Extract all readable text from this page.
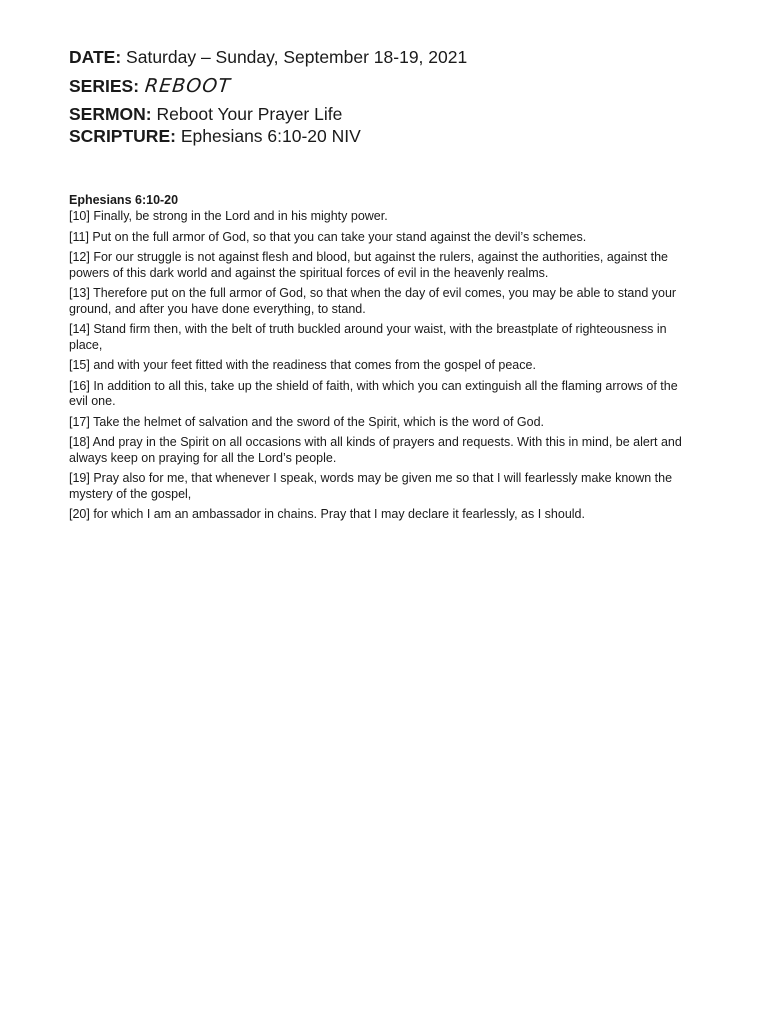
DATE: Saturday – Sunday, September 18-19, 2021
SERIES: REBOOT
SERMON: Reboot Your Prayer Life
SCRIPTURE: Ephesians 6:10-20 NIV
Ephesians 6:10-20
[10] Finally, be strong in the Lord and in his mighty power.
[11] Put on the full armor of God, so that you can take your stand against the devil’s schemes.
[12] For our struggle is not against flesh and blood, but against the rulers, against the authorities, against the powers of this dark world and against the spiritual forces of evil in the heavenly realms.
[13] Therefore put on the full armor of God, so that when the day of evil comes, you may be able to stand your ground, and after you have done everything, to stand.
[14] Stand firm then, with the belt of truth buckled around your waist, with the breastplate of righteousness in place,
[15] and with your feet fitted with the readiness that comes from the gospel of peace.
[16] In addition to all this, take up the shield of faith, with which you can extinguish all the flaming arrows of the evil one.
[17] Take the helmet of salvation and the sword of the Spirit, which is the word of God.
[18] And pray in the Spirit on all occasions with all kinds of prayers and requests. With this in mind, be alert and always keep on praying for all the Lord’s people.
[19] Pray also for me, that whenever I speak, words may be given me so that I will fearlessly make known the mystery of the gospel,
[20] for which I am an ambassador in chains. Pray that I may declare it fearlessly, as I should.
